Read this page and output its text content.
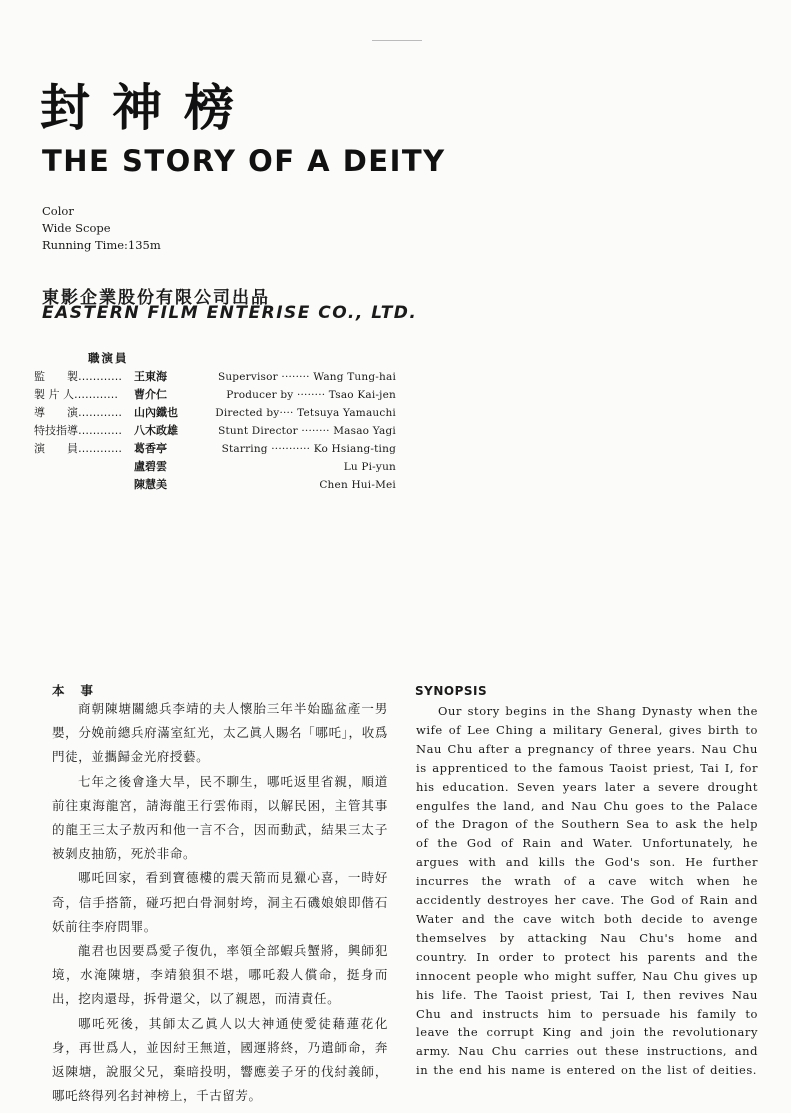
封神榜
THE STORY OF A DEITY
Color
Wide Scope
Running Time:135m
東影企業股份有限公司出品
EASTERN FILM ENTERISE CO., LTD.
職演員
監　　製………… 王東海	Supervisor ········ Wang Tung-hai
製 片 人………… 曹介仁	Producer by ········ Tsao Kai-jen
導　　演………… 山內鐵也	Directed by···· Tetsuya Yamauchi
特技指導………… 八木政雄	Stunt Director ········ Masao Yagi
演　　員………… 葛香亭	Starring ··········· Ko Hsiang-ting
盧碧雲	Lu Pi-yun
陳慧美	Chen Hui-Mei
本事

商朝陳塘關總兵李靖的夫人懷胎三年半始臨盆產一男嬰，分娩前總兵府滿室紅光，太乙眞人賜名「哪吒」，收爲門徒，並攜歸金光府授藝。

七年之後會逢大旱，民不聊生，哪吒返里省親，順道前往東海龍宮，請海龍王行雲佈雨，以解民困，主管其事的龍王三太子敖丙和他一言不合，因而動武，結果三太子被剝皮抽筋，死於非命。

哪吒回家，看到寶德樓的震天箭而見獵心喜，一時好奇，信手搭箭，碰巧把白骨洞射垮，洞主石磯娘娘即偕石妖前往李府問罪。

龍君也因要爲愛子復仇，率領全部蝦兵蟹將，興師犯境，水淹陳塘，李靖狼狽不堪，哪吒殺人償命，挺身而出，挖肉還母，拆骨還父，以了親恩，而清責任。

哪吒死後，其師太乙眞人以大神通使愛徒藉蓮花化身，再世爲人，並因紂王無道，國運將終，乃遣師命，奔返陳塘，說服父兄，棄暗投明，響應姜子牙的伐紂義師，哪吒終得列名封神榜上，千古留芳。

SYNOPSIS

Our story begins in the Shang Dynasty when the wife of Lee Ching a military General, gives birth to Nau Chu after a pregnancy of three years. Nau Chu is apprenticed to the famous Taoist priest, Tai I, for his education. Seven years later a severe drought engulfes the land, and Nau Chu goes to the Palace of the Dragon of the Southern Sea to ask the help of the God of Rain and Water. Unfortunately, he argues with and kills the God's son. He further incurres the wrath of a cave witch when he accidently destroyes her cave. The God of Rain and Water and the cave witch both decide to avenge themselves by attacking Nau Chu's home and country. In order to protect his parents and the innocent people who might suffer, Nau Chu gives up his life. The Taoist priest, Tai I, then revives Nau Chu and instructs him to persuade his family to leave the corrupt King and join the revolutionary army. Nau Chu carries out these instructions, and in the end his name is entered on the list of deities.
